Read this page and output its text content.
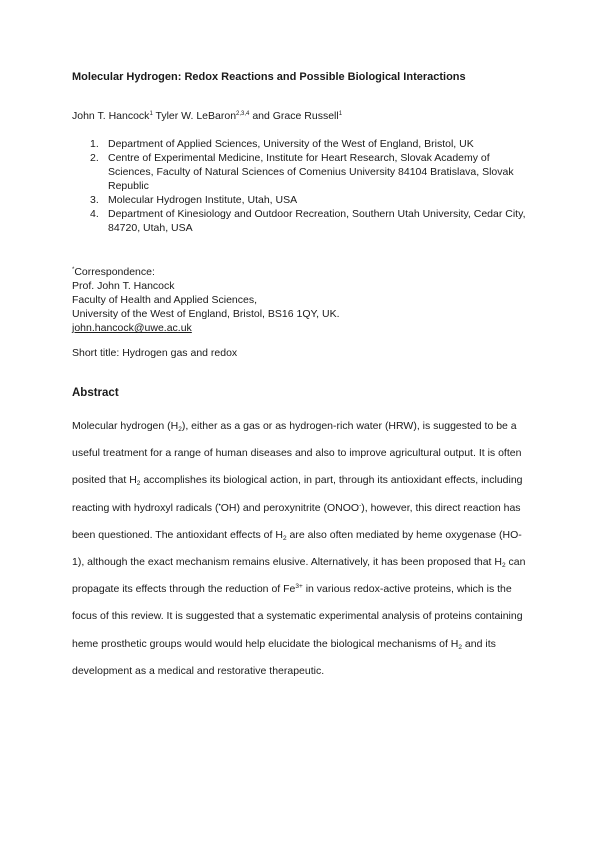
Molecular Hydrogen: Redox Reactions and Possible Biological Interactions
John T. Hancock$^1$ Tyler W. LeBaron$^{2,3,4}$ and Grace Russell$^1$
1. Department of Applied Sciences, University of the West of England, Bristol, UK
2. Centre of Experimental Medicine, Institute for Heart Research, Slovak Academy of Sciences, Faculty of Natural Sciences of Comenius University 84104 Bratislava, Slovak Republic
3. Molecular Hydrogen Institute, Utah, USA
4. Department of Kinesiology and Outdoor Recreation, Southern Utah University, Cedar City, 84720, Utah, USA
*Correspondence:
Prof. John T. Hancock
Faculty of Health and Applied Sciences,
University of the West of England, Bristol, BS16 1QY, UK.
john.hancock@uwe.ac.uk
Short title: Hydrogen gas and redox
Abstract

Molecular hydrogen $(H_2)$, either as a gas or as hydrogen-rich water (HRW), is suggested to be a useful treatment for a range of human diseases and also to improve agricultural output. It is often posited that $H_2$ accomplishes its biological action, in part, through its antioxidant effects, including reacting with hydroxyl radicals (•OH) and peroxynitrite (ONOO-), however, this direct reaction has been questioned. The antioxidant effects of $H_2$ are also often mediated by heme oxygenase (HO-1), although the exact mechanism remains elusive. Alternatively, it has been proposed that $H_2$ can propagate its effects through the reduction of $Fe^{3+}$ in various redox-active proteins, which is the focus of this review. It is suggested that a systematic experimental analysis of proteins containing heme prosthetic groups would would help elucidate the biological mechanisms of $H_2$ and its development as a medical and restorative therapeutic.
